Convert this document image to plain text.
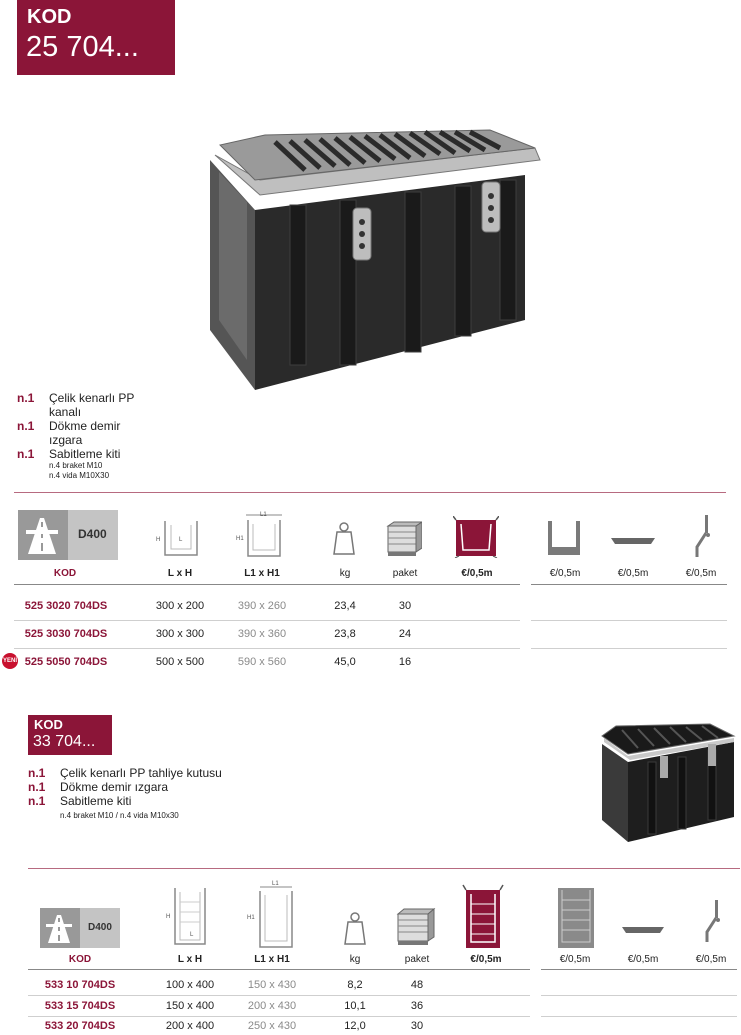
KOD
25 704...
n.1 Çelik kenarlı PP
kanalı
n.1 Dökme demir
ızgara
n.1 Sabitleme kiti
n.4 braket M10
n.4 vida M10X30
D400	H	L
L1
H1
KOD	L x H	L1 x H1	kg	paket	€/0,5m	€/0,5m	€/0,5m	€/0,5m
525 3020 704DS	300 x 200	390 x 260	23,4	30
525 3030 704DS	300 x 300	390 x 360	23,8	24
YENİ 525 5050 704DS	500 x 500	590 x 560	45,0	16
KOD
33 704...
n.1 Çelik kenarlı PP tahliye kutusu
n.1 Dökme demir ızgara
n.1 Sabitleme kiti
n.4 braket M10 / n.4 vida M10x30
D400
H
L
L1
H1
KOD	L x H	L1 x H1	kg	paket	€/0,5m	€/0,5m	€/0,5m	€/0,5m
533 10 704DS	100 x 400	150 x 430	8,2	48
533 15 704DS	150 x 400	200 x 430	10,1	36
533 20 704DS	200 x 400	250 x 430	12,0	30
